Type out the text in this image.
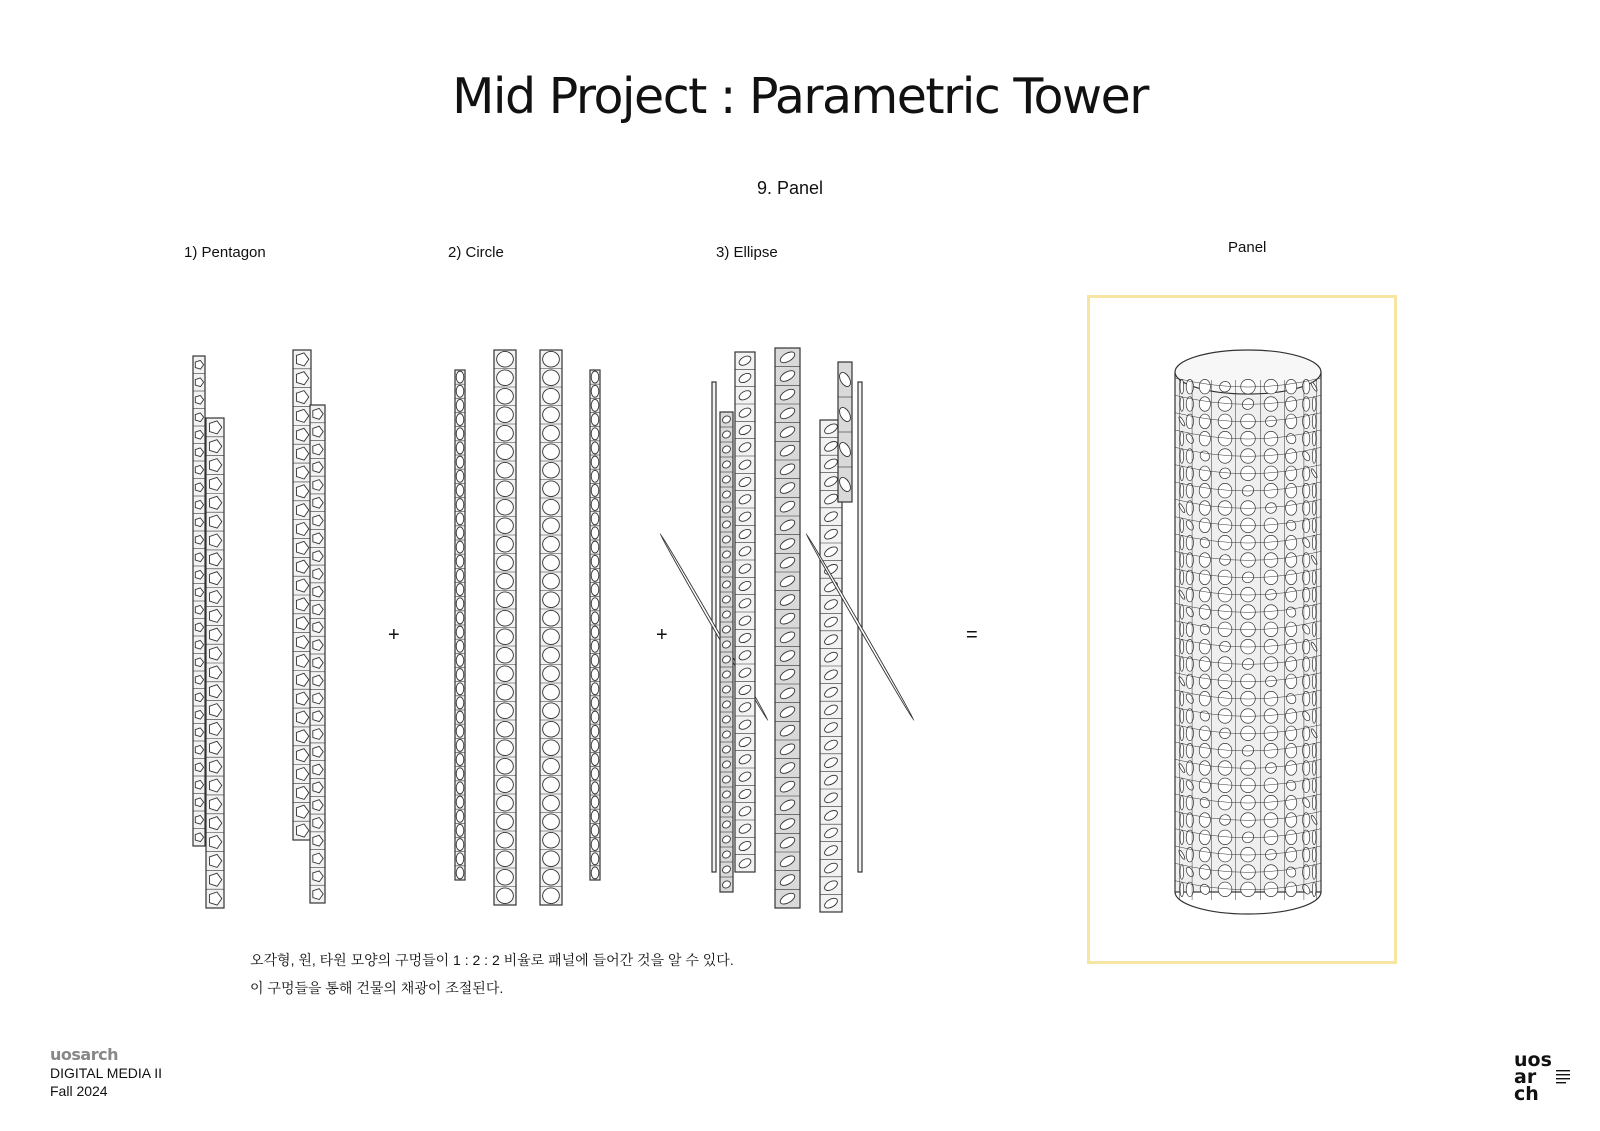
Mid Project : Parametric Tower
9. Panel
1) Pentagon	2) Circle	3) Ellipse	Panel
+	+	=
오각형, 원, 타원 모양의 구멍들이 1 : 2 : 2 비율로 패널에 들어간 것을 알 수 있다.
이 구멍들을 통해 건물의 채광이 조절된다.
uosarch
DIGITAL MEDIA II
Fall 2024
uos
ar
ch
